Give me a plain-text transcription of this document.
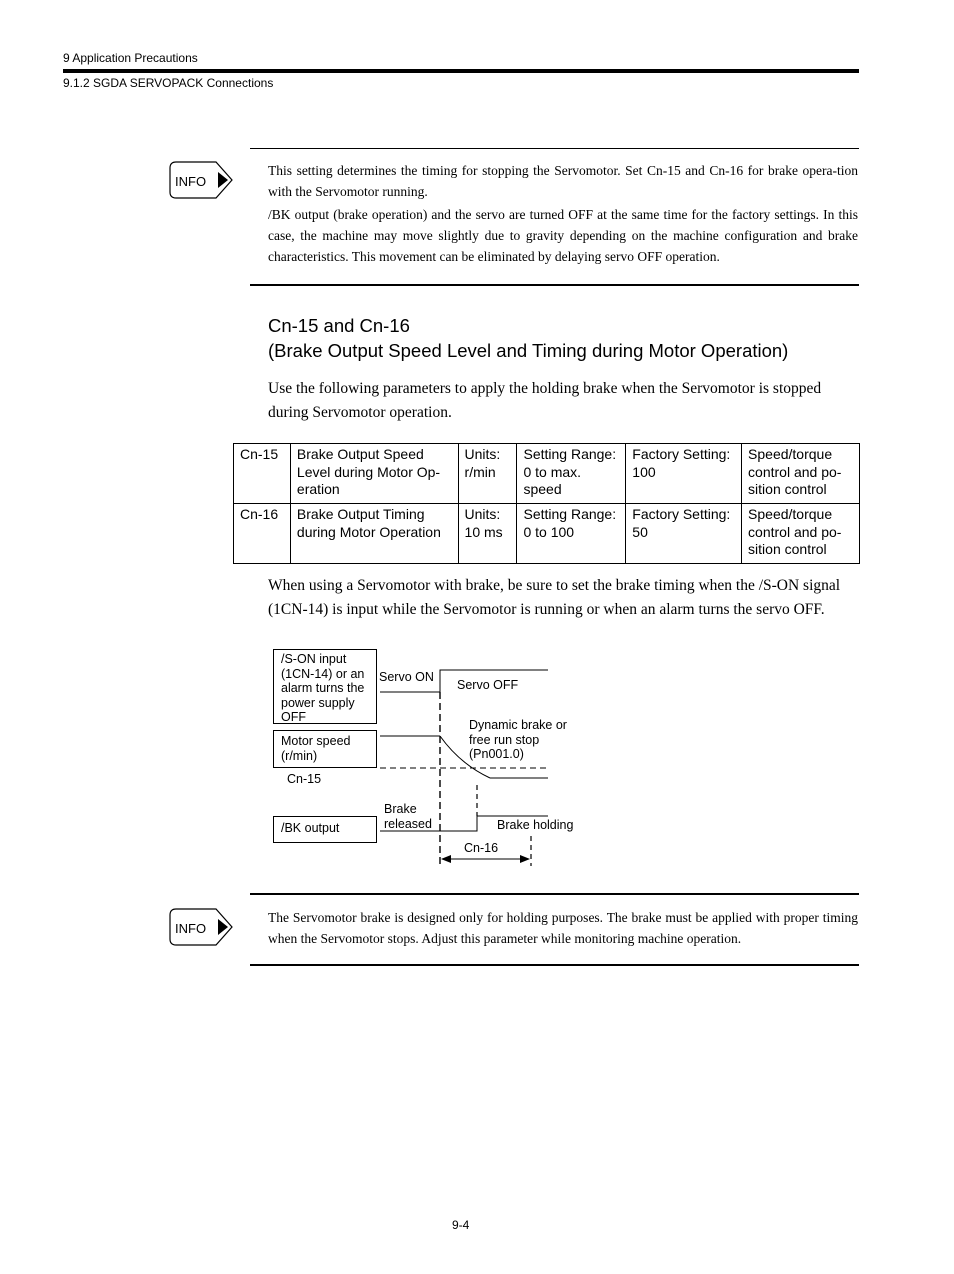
9 Application Precautions
9.1.2 SGDA SERVOPACK Connections
INFO

This setting determines the timing for stopping the Servomotor. Set Cn-15 and Cn-16 for brake opera-tion with the Servomotor running.

/BK output (brake operation) and the servo are turned OFF at the same time for the factory settings. In this case, the machine may move slightly due to gravity depending on the machine configuration and brake characteristics. This movement can be eliminated by delaying servo OFF operation.

Cn-15 and Cn-16
(Brake Output Speed Level and Timing during Motor Operation)
Use the following parameters to apply the holding brake when the Servomotor is stopped during Servomotor operation.
Cn-15	Brake Output Speed Level during Motor Op-eration	Units: r/min	Setting Range: 0 to max. speed	Factory Setting: 100	Speed/torque control and po-sition control
Cn-16	Brake Output Timing during Motor Operation	Units: 10 ms	Setting Range: 0 to 100	Factory Setting: 50	Speed/torque control and po-sition control
When using a Servomotor with brake, be sure to set the brake timing when the /S-ON signal (1CN-14) is input while the Servomotor is running or when an alarm turns the servo OFF.
/S-ON input (1CN-14) or an alarm turns the power supply OFF
Motor speed (r/min)
/BK output
Servo ON
Servo OFF
Dynamic brake or free run stop (Pn001.0)
Cn-15
Brake released	Brake holding
Cn-16
INFO
The Servomotor brake is designed only for holding purposes. The brake must be applied with proper timing when the Servomotor stops. Adjust this parameter while monitoring machine operation.
9-4
